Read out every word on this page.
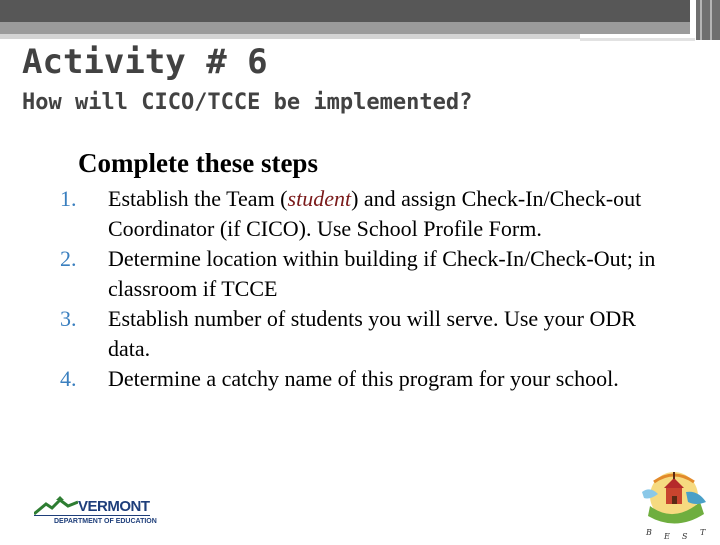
Activity # 6
How will CICO/TCCE be implemented?
Complete these steps
1. Establish the Team (student) and assign Check-In/Check-out Coordinator (if CICO). Use School Profile Form.
2. Determine location within building if Check-In/Check-Out; in classroom if TCCE
3. Establish number of students you will serve. Use your ODR data.
4. Determine a catchy name of this program for your school.
VERMONT
DEPARTMENT OF EDUCATION
B E S T
